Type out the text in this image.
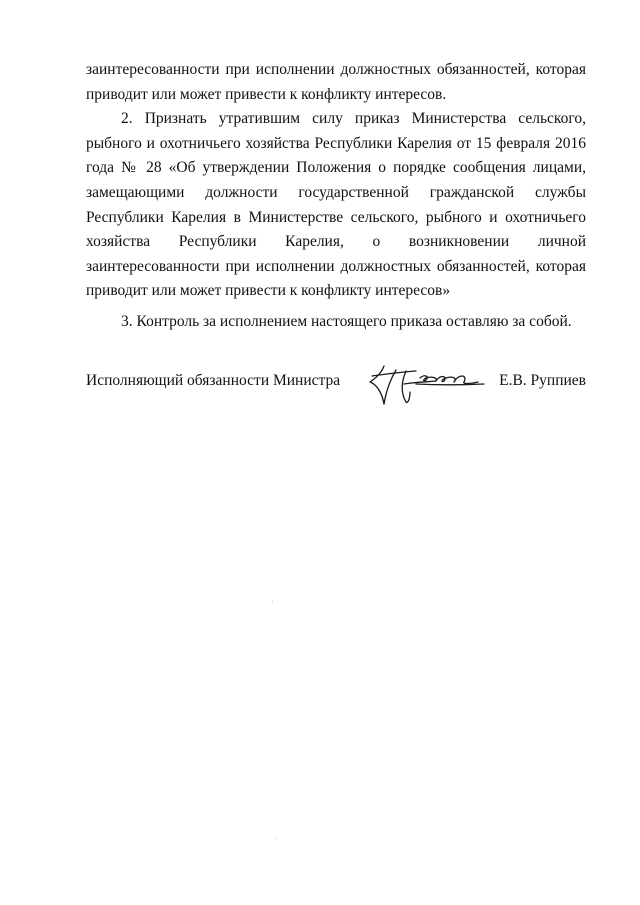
заинтересованности при исполнении должностных обязанностей, которая

приводит или может привести к конфликту интересов.

2. Признать утратившим силу приказ Министерства сельского, рыбного и охотничьего хозяйства Республики Карелия от 15 февраля 2016 года № 28 «Об утверждении Положения о порядке сообщения лицами, замещающими должности государственной гражданской службы Республики Карелия в Министерстве сельского, рыбного и охотничьего хозяйства Республики Карелия, о возникновении личной заинтересованности при исполнении должностных обязанностей, которая приводит или может привести к конфликту интересов»

3. Контроль за исполнением настоящего приказа оставляю за собой.

Исполняющий обязанности Министра	Е.В. Руппиев
